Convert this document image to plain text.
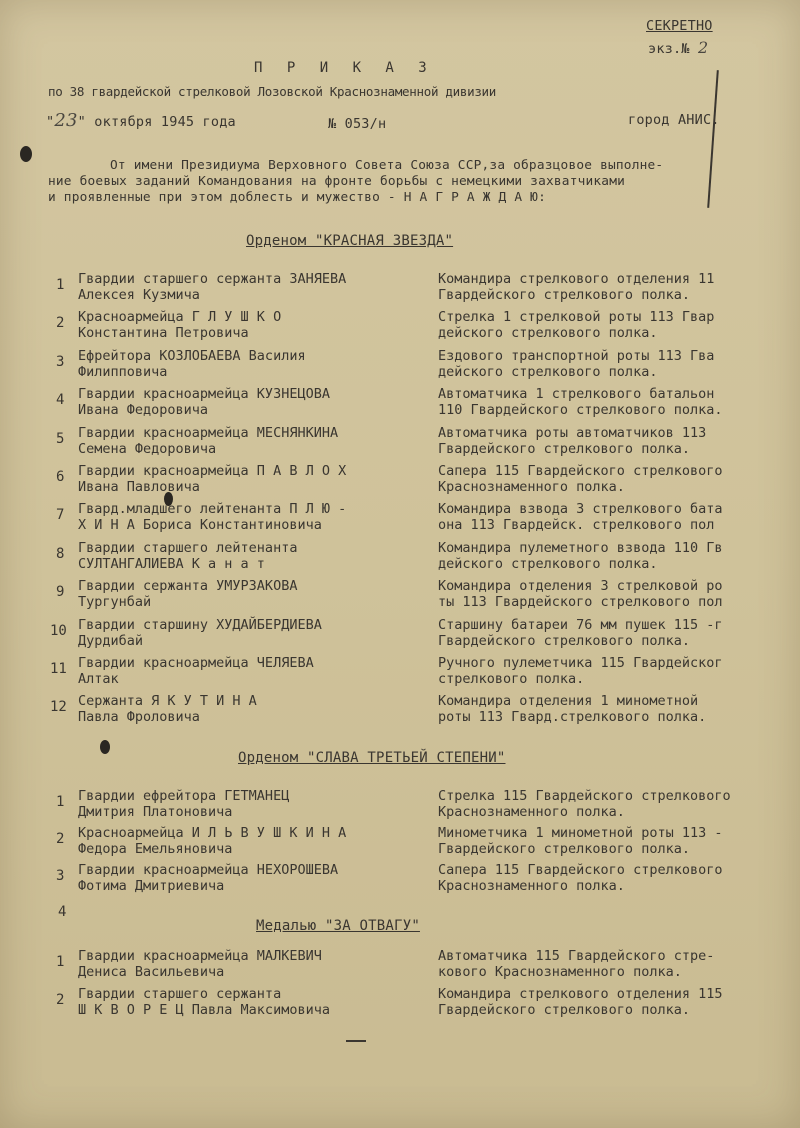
СЕКРЕТНО
экз.№ 2
П Р И К А З
по 38 гвардейской стрелковой Лозовской Краснознаменной дивизии
"23" октября 1945 года	№ 053/н	город АНИС.
От имени Президиума Верховного Совета Союза ССР,за образцовое выполне-
ние боевых заданий Командования на фронте борьбы с немецкими захватчиками
и проявленные при этом доблесть и мужество - Н А Г Р А Ж Д А Ю:
Орденом "КРАСНАЯ ЗВЕЗДА"
1 Гвардии старшего сержанта ЗАНЯЕВА
Алексея Кузмича
Командира стрелкового отделения 11
Гвардейского стрелкового полка.
2 Красноармейца Г Л У Ш К О
Константина Петровича
Стрелка 1 стрелковой роты 113 Гвар
дейского стрелкового полка.
3 Ефрейтора КОЗЛОБАЕВА Василия
Филипповича
Ездового транспортной роты 113 Гва
дейского стрелкового полка.
4 Гвардии красноармейца КУЗНЕЦОВА
Ивана Федоровича
Автоматчика 1 стрелкового батальон
110 Гвардейского стрелкового полка.
5 Гвардии красноармейца МЕСНЯНКИНА
Семена Федоровича
Автоматчика роты автоматчиков 113
Гвардейского стрелкового полка.
6 Гвардии красноармейца П А В Л О Х
Ивана Павловича
Сапера 115 Гвардейского стрелкового
Краснознаменного полка.
7 Гвард.младшего лейтенанта П Л Ю -
Х И Н А Бориса Константиновича
Командира взвода 3 стрелкового бата
она 113 Гвардейск. стрелкового пол
8 Гвардии старшего лейтенанта
СУЛТАНГАЛИЕВА К а н а т
Командира пулеметного взвода 110 Гв
дейского стрелкового полка.
9 Гвардии сержанта УМУРЗАКОВА
Тургунбай
Командира отделения 3 стрелковой ро
ты 113 Гвардейского стрелкового пол
10 Гвардии старшину ХУДАЙБЕРДИЕВА
Дурдибай
Старшину батареи 76 мм пушек 115 -г
Гвардейского стрелкового полка.
11 Гвардии красноармейца ЧЕЛЯЕВА
Алтак
Ручного пулеметчика 115 Гвардейског
стрелкового полка.
12 Сержанта Я К У Т И Н А
Павла Фроловича
Командира отделения 1 минометной
роты 113 Гвард.стрелкового полка.
Орденом "СЛАВА ТРЕТЬЕЙ СТЕПЕНИ"
1 Гвардии ефрейтора ГЕТМАНЕЦ
Дмитрия Платоновича
Стрелка 115 Гвардейского стрелкового
Краснознаменного полка.
2 Красноармейца И Л Ь В У Ш К И Н А
Федора Емельяновича
Минометчика 1 минометной роты 113 -
Гвардейского стрелкового полка.
3 Гвардии красноармейца НЕХОРОШЕВА
Фотима Дмитриевича
Сапера 115 Гвардейского стрелкового
Краснознаменного полка.
4
Медалью "ЗА ОТВАГУ"
1 Гвардии красноармейца МАЛКЕВИЧ
Дениса Васильевича
Автоматчика 115 Гвардейского стре-
кового Краснознаменного полка.
2 Гвардии старшего сержанта
Ш К В О Р Е Ц Павла Максимовича
Командира стрелкового отделения 115
Гвардейского стрелкового полка.
